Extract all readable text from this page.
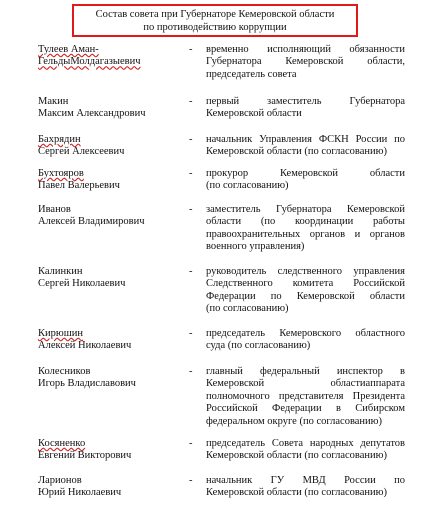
Состав совета при Губернаторе Кемеровской области
по противодействию коррупции
Тулеев Аман-
ГельдыМолдагазыевич
-	временно исполняющий обязанности
Губернатора Кемеровской области,
председатель совета
Макин
Максим Александрович
-	первый заместитель Губернатора
Кемеровской области
Бахрядин
Сергей Алексеевич
-	начальник Управления ФСКН России по
Кемеровской области (по согласованию)
Бухтояров
Павел Валерьевич
-	прокурор Кемеровской области
(по согласованию)
Иванов
Алексей Владимирович
-	заместитель Губернатора Кемеровской
области (по координации работы
правоохранительных органов и органов
военного управления)
Калинкин
Сергей Николаевич
-	руководитель следственного управления
Следственного комитета Российской
Федерации по Кемеровской области
(по согласованию)
Кирюшин
Алексей Николаевич
-	председатель Кемеровского областного
суда (по согласованию)
Колесников
Игорь Владиславович
-	главный федеральный инспектор в
Кемеровской областиаппарата
полномочного представителя Президента
Российской Федерации в Сибирском
федеральном округе (по согласованию)
Косяненко
Евгений Викторович
-	председатель Совета народных депутатов
Кемеровской области (по согласованию)
Ларионов
Юрий Николаевич
-	начальник ГУ МВД России по
Кемеровской области (по согласованию)
